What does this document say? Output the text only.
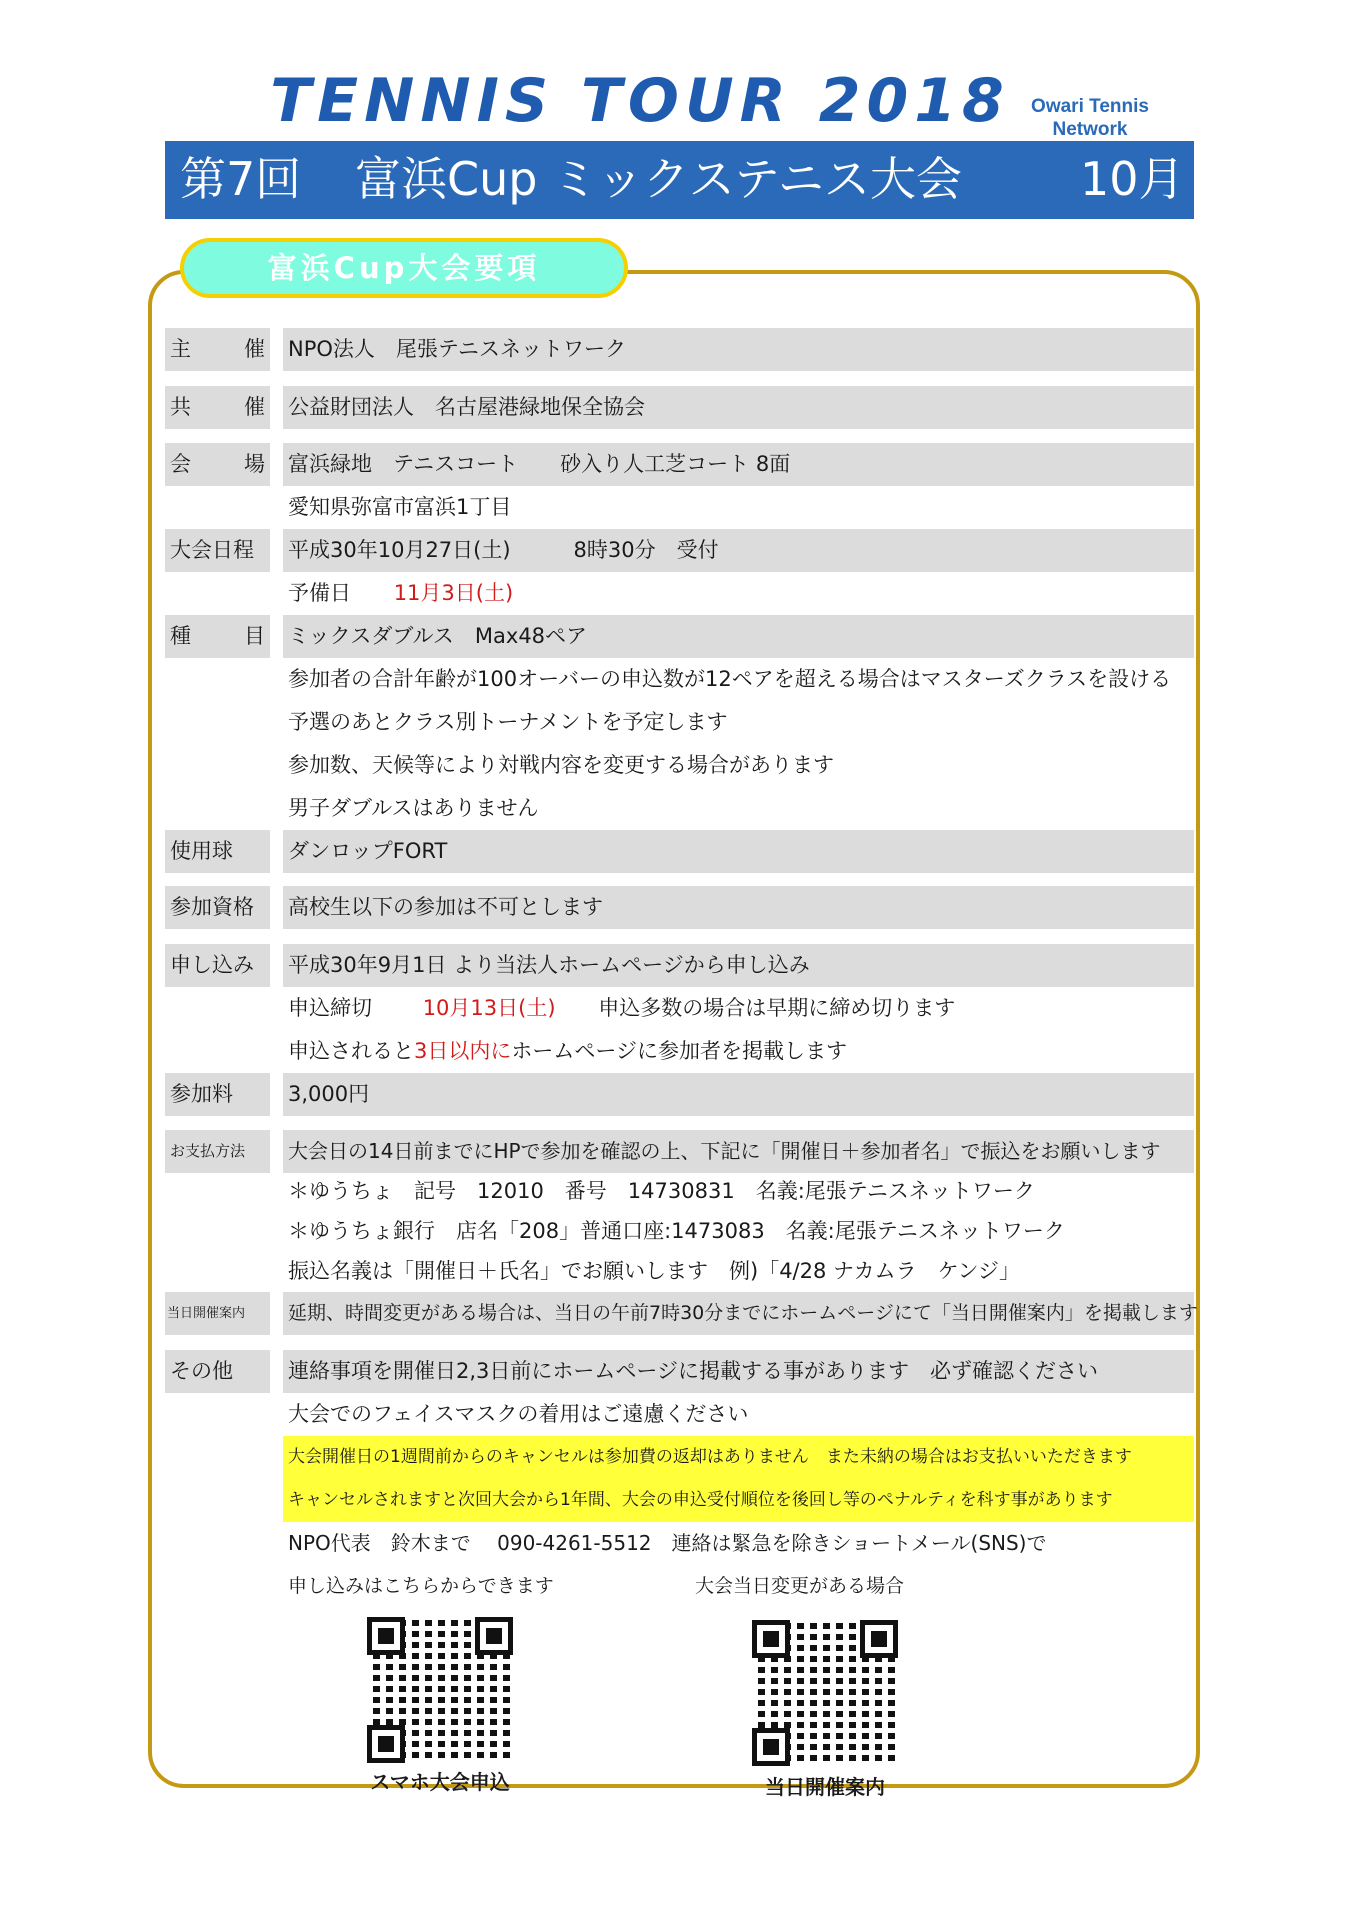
TENNIS TOUR 2018	Owari Tennis
Network
第7回 富浜Cup ミックステニス大会	10月
富浜Cup大会要項
主　催 NPO法人　尾張テニスネットワーク
共　催 公益財団法人　名古屋港緑地保全協会
会　場 富浜緑地　テニスコート　　砂入り人工芝コート 8面
愛知県弥富市富浜1丁目
大会日程	平成30年10月27日(土)　　　8時30分　受付
予備日 11月3日(土)
種　目 ミックスダブルス　Max48ペア
参加者の合計年齢が100オーバーの申込数が12ペアを超える場合はマスターズクラスを設ける
予選のあとクラス別トーナメントを予定します
参加数、天候等により対戦内容を変更する場合があります
男子ダブルスはありません
使用球	ダンロップFORT
参加資格	高校生以下の参加は不可とします
申し込み	平成30年9月1日 より当法人ホームページから申し込み
申込締切 10月13日(土) 申込多数の場合は早期に締め切ります
申込されると3日以内にホームページに参加者を掲載します
参加料	3,000円
お支払方法	大会日の14日前までにHPで参加を確認の上、下記に「開催日＋参加者名」で振込をお願いします
＊ゆうちょ　記号　12010　番号　14730831　名義:尾張テニスネットワーク
＊ゆうちょ銀行　店名「208」普通口座:1473083　名義:尾張テニスネットワーク
振込名義は「開催日＋氏名」でお願いします　例)「4/28 ナカムラ　ケンジ」
当日開催案内	延期、時間変更がある場合は、当日の午前7時30分までにホームページにて「当日開催案内」を掲載します
その他	連絡事項を開催日2,3日前にホームページに掲載する事があります　必ず確認ください
大会でのフェイスマスクの着用はご遠慮ください
大会開催日の1週間前からのキャンセルは参加費の返却はありません　また未納の場合はお支払いいただきます
キャンセルされますと次回大会から1年間、大会の申込受付順位を後回し等のペナルティを科す事があります
NPO代表　鈴木まで　 090-4261-5512　連絡は緊急を除きショートメール(SNS)で
申し込みはこちらからできます	大会当日変更がある場合
スマホ大会申込	当日開催案内
